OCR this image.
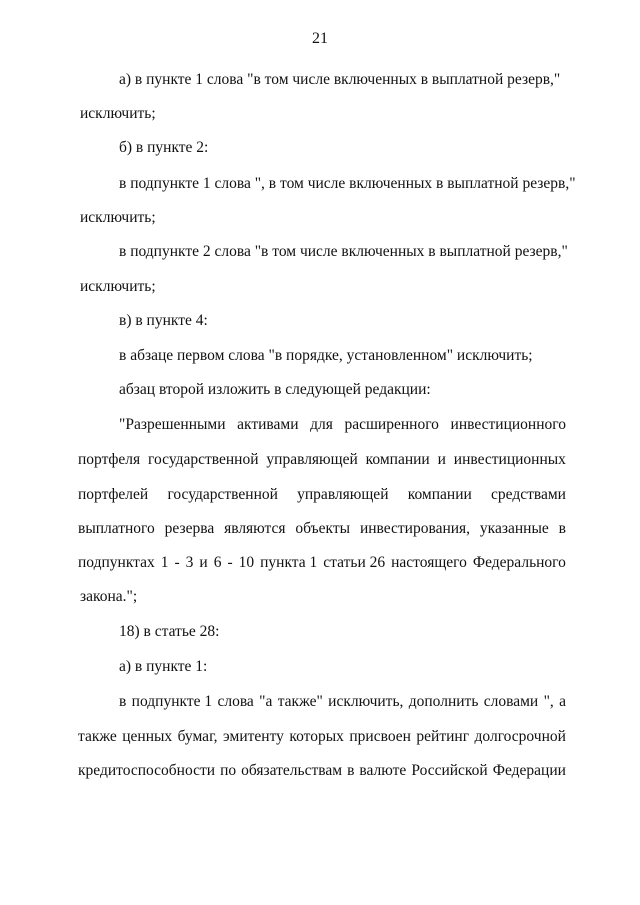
21
а) в пункте 1 слова "в том числе включенных в выплатной резерв,"
исключить;
б) в пункте 2:
в подпункте 1 слова ", в том числе включенных в выплатной резерв,"
исключить;
в подпункте 2 слова "в том числе включенных в выплатной резерв,"
исключить;
в) в пункте 4:
в абзаце первом слова "в порядке, установленном" исключить;
абзац второй изложить в следующей редакции:
"Разрешенными активами для расширенного инвестиционного
портфеля государственной управляющей компании и инвестиционных
портфелей государственной управляющей компании средствами
выплатного резерва являются объекты инвестирования, указанные в
подпунктах 1 - 3 и 6 - 10 пункта 1 статьи 26 настоящего Федерального
закона.";
18) в статье 28:
а) в пункте 1:
в подпункте 1 слова "а также" исключить, дополнить словами ", а
также ценных бумаг, эмитенту которых присвоен рейтинг долгосрочной
кредитоспособности по обязательствам в валюте Российской Федерации
